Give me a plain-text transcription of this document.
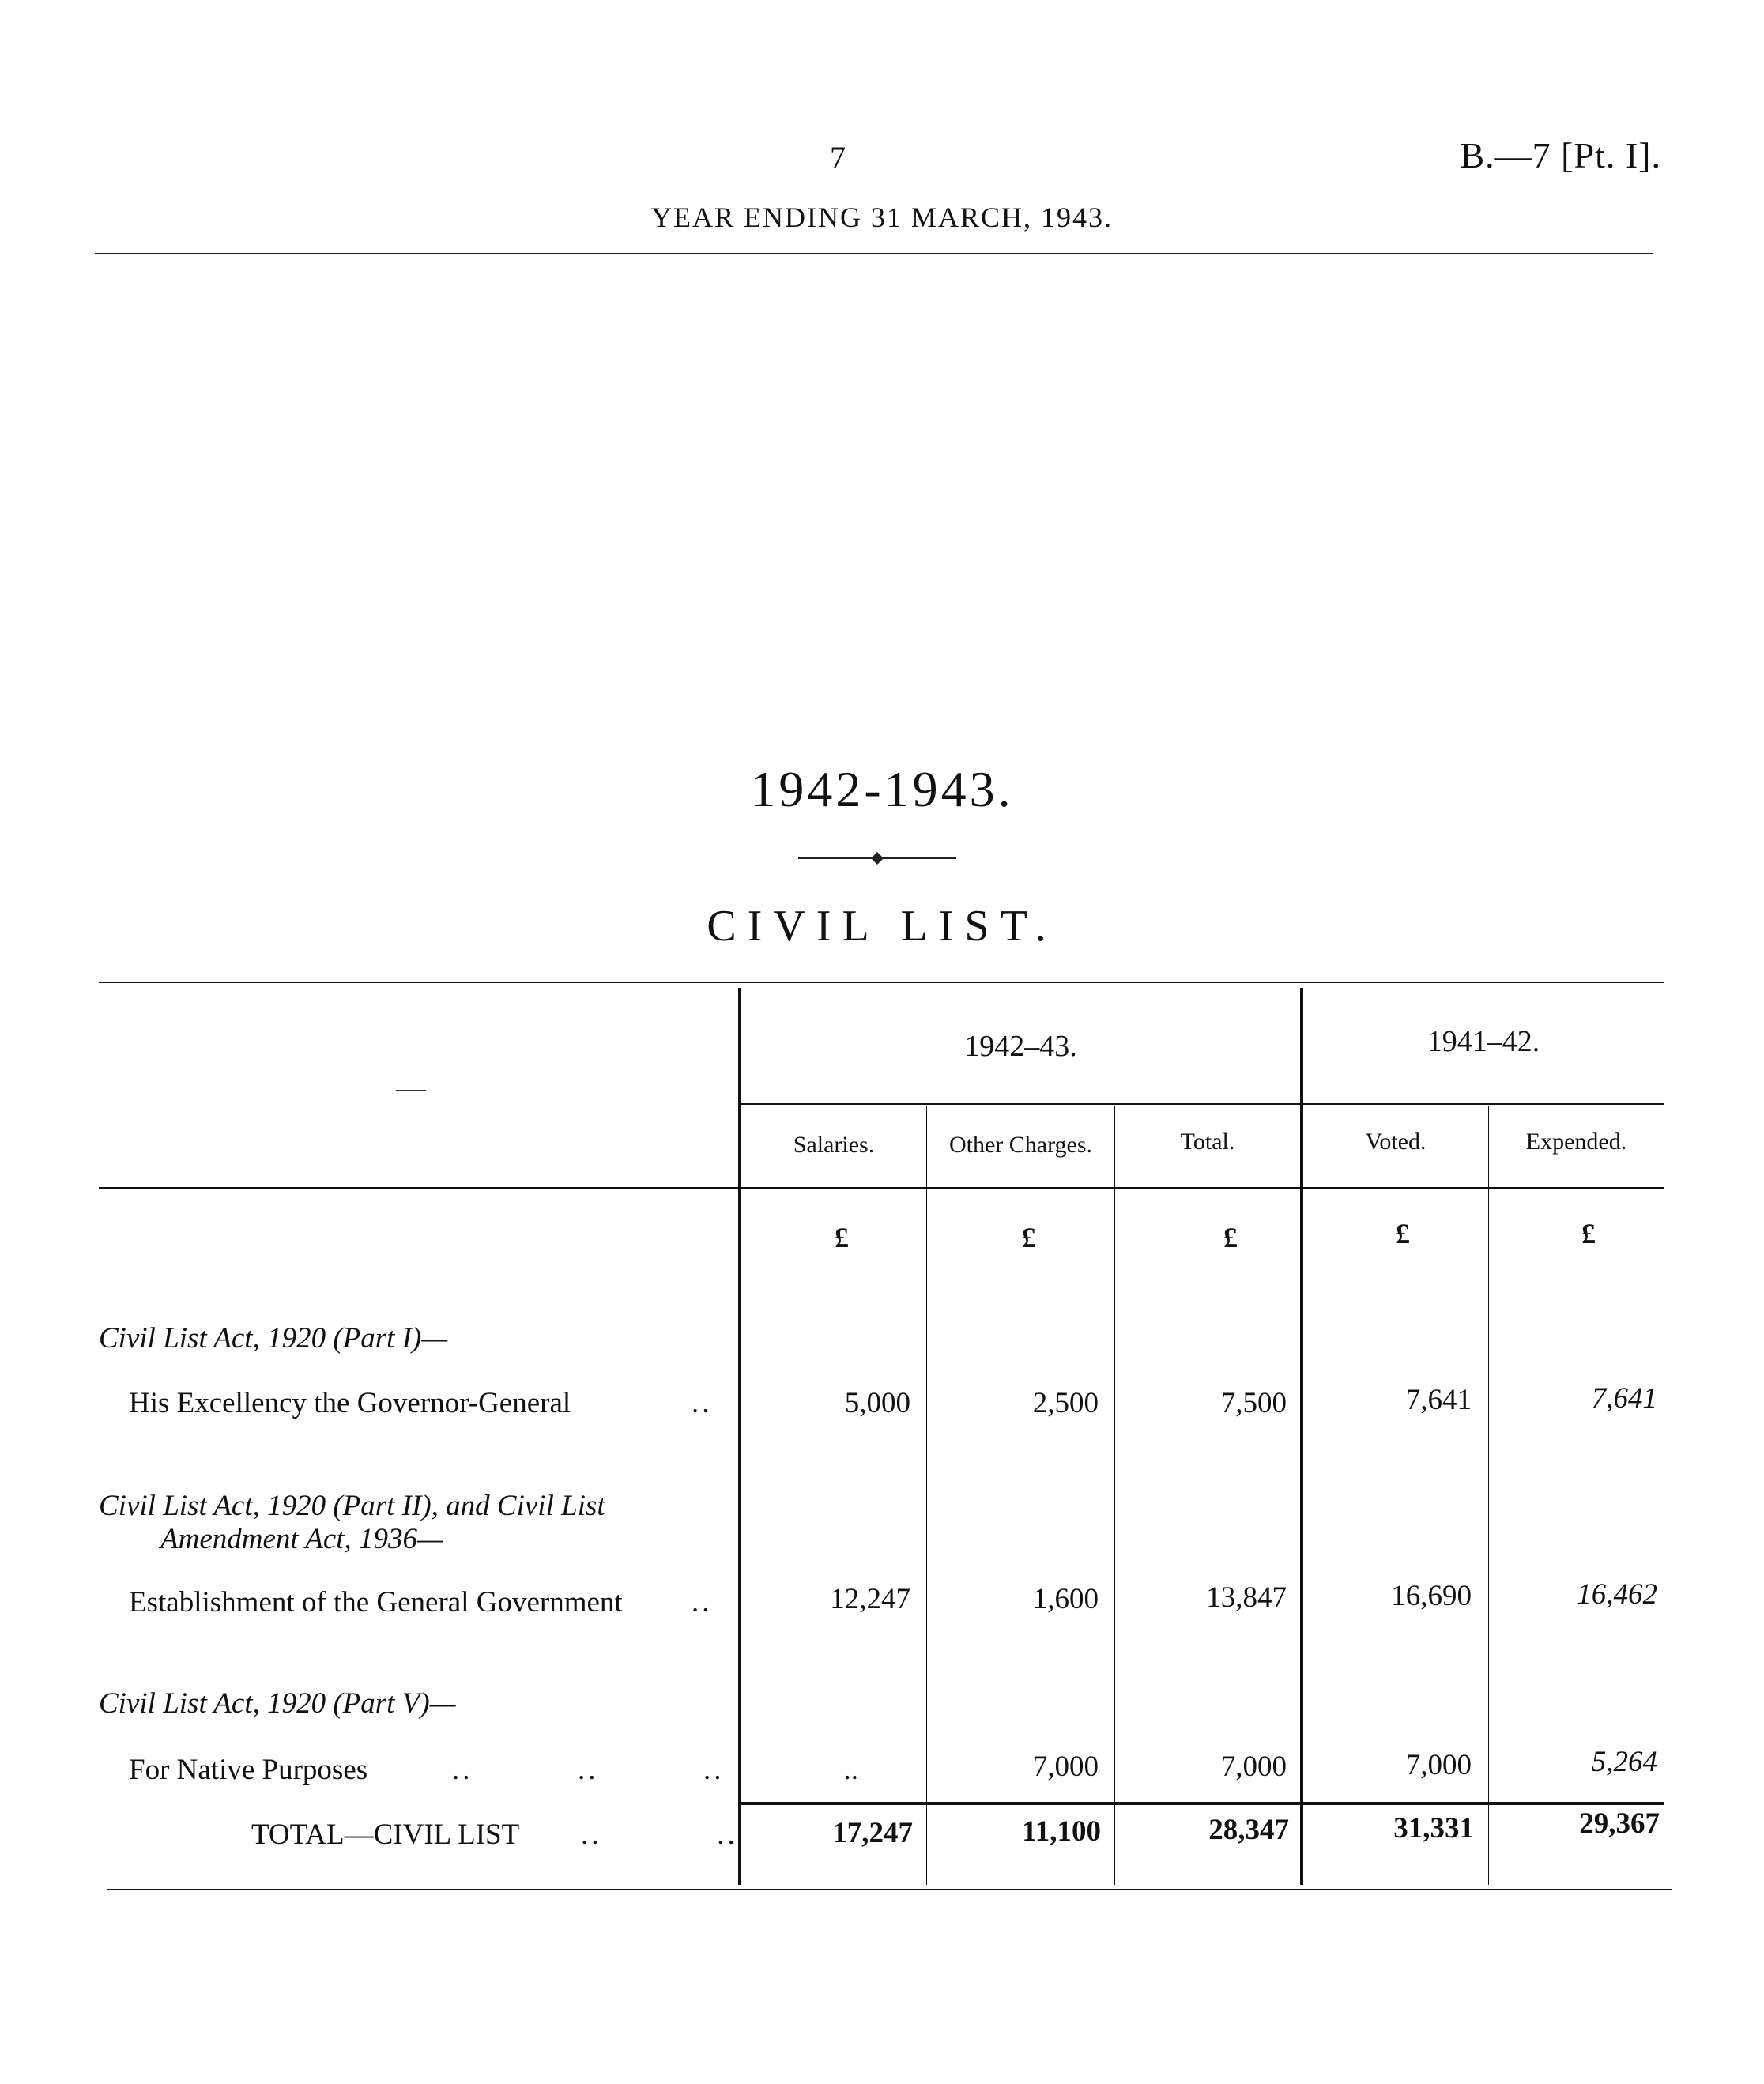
7	B.—7 [Pt. I].
YEAR ENDING 31 MARCH, 1943.
1942-1943.
CIVIL LIST.
—
1942–43.	1941–42.
Salaries.	Other Charges.	Total.	Voted.	Expended.
£	£	£	£	£
Civil List Act, 1920 (Part I)—
His Excellency the Governor-General	..	5,000	2,500	7,500	7,641	7,641
Civil List Act, 1920 (Part II), and Civil List
Amendment Act, 1936—
Establishment of the General Government ..	12,247	1,600	13,847	16,690	16,462
Civil List Act, 1920 (Part V)—
For Native Purposes	..          ..          ..	..	7,000	7,000	7,000	5,264
TOTAL—CIVIL LIST ..           ..	17,247	11,100	28,347	31,331	29,367
